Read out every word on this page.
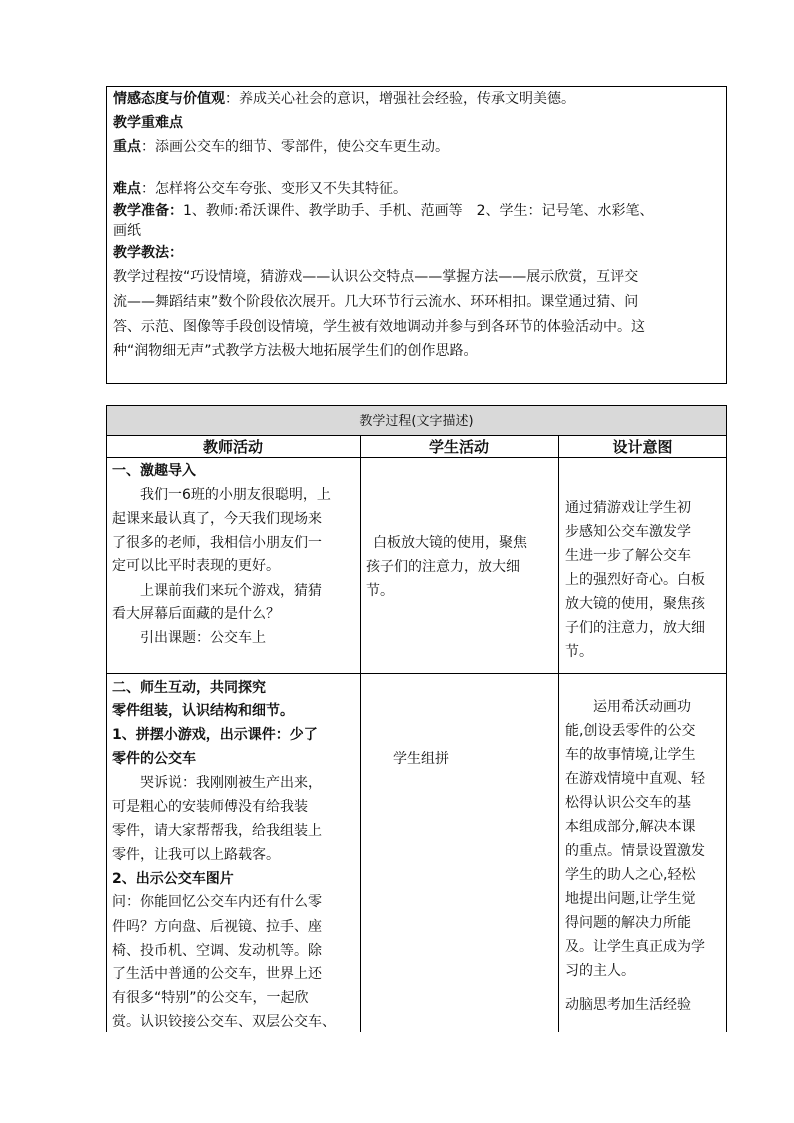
情感态度与价值观：养成关心社会的意识，增强社会经验，传承文明美德。
教学重难点
重点：添画公交车的细节、零部件，使公交车更生动。
难点：怎样将公交车夸张、变形又不失其特征。
教学准备：1、教师:希沃课件、教学助手、手机、范画等　2、学生：记号笔、水彩笔、
画纸
教学教法：
教学过程按“巧设情境，猜游戏——认识公交特点——掌握方法——展示欣赏，互评交
流——舞蹈结束”数个阶段依次展开。几大环节行云流水、环环相扣。课堂通过猜、问
答、示范、图像等手段创设情境，学生被有效地调动并参与到各环节的体验活动中。这
种“润物细无声”式教学方法极大地拓展学生们的创作思路。
教学过程(文字描述)
教师活动	学生活动	设计意图
一、激趣导入
　　我们一6班的小朋友很聪明，上
起课来最认真了，今天我们现场来
了很多的老师，我相信小朋友们一
定可以比平时表现的更好。
　　上课前我们来玩个游戏，猜猜
看大屏幕后面藏的是什么？
　　引出课题：公交车上
白板放大镜的使用，聚焦
孩子们的注意力，放大细
节。
通过猜游戏让学生初
步感知公交车激发学
生进一步了解公交车
上的强烈好奇心。白板
放大镜的使用，聚焦孩
子们的注意力，放大细
节。
二、师生互动，共同探究
零件组装，认识结构和细节。
1、拼摆小游戏，出示课件：少了
零件的公交车
　　哭诉说：我刚刚被生产出来，
可是粗心的安装师傅没有给我装
零件，请大家帮帮我，给我组装上
零件，让我可以上路载客。
2、出示公交车图片
问：你能回忆公交车内还有什么零
件吗？方向盘、后视镜、拉手、座
椅、投币机、空调、发动机等。除
了生活中普通的公交车，世界上还
有很多“特别”的公交车，一起欣
赏。认识铰接公交车、双层公交车、
学生组拼
　　运用希沃动画功
能,创设丢零件的公交
车的故事情境,让学生
在游戏情境中直观、轻
松得认识公交车的基
本组成部分,解决本课
的重点。情景设置激发
学生的助人之心,轻松
地提出问题,让学生觉
得问题的解决力所能
及。让学生真正成为学
习的主人。
动脑思考加生活经验
